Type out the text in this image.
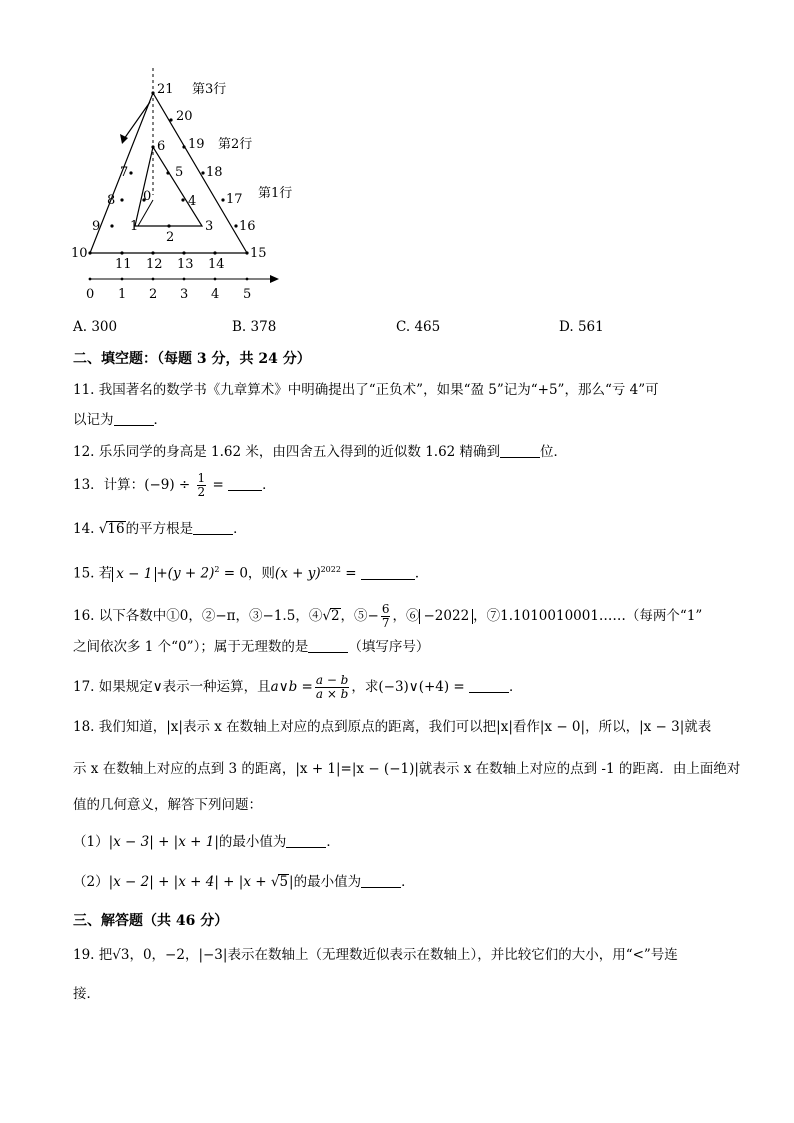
21
20
6 19
7	5 18
0
8	4 17
9 1	3 16
2
10	15
11 12 13 14
0 1 2 3 4 5
第3行
第2行
第1行
A. 300	B. 378	C. 465	D. 561
二、填空题：（每题 3 分，共 24 分）
11. 我国著名的数学书《九章算术》中明确提出了“正负术”，如果“盈 5”记为“+5”，那么“亏 4”可
以记为	．
12. 乐乐同学的身高是 1.62 米，由四舍五入得到的近似数 1.62 精确到	位．
13．计算：$(-9) \div \frac{1}{2}$ =	．
14. √16的平方根是	．
15. 若 $x - 1 +(y + 2)^2 = 0$，则$(x + y)^{2022}$ =	．
16. 以下各数中①0，②−π，③−1.5，④√2，⑤− $\frac{6}{7}$ ，⑥ −2022 ，⑦1.1010010001……（每两个“1”
之间依次多 1 个“0”）；属于无理数的是	（填写序号）
17. 如果规定∨表示一种运算，且a∨b = $\frac{a - b}{a \times b}$ ，求(−3)∨(+4) =	．
18. 我们知道，|x|表示 x 在数轴上对应的点到原点的距离，我们可以把|x|看作|x − 0|，所以，|x − 3|就表
示 x 在数轴上对应的点到 3 的距离，|x + 1|=|x − (−1)|就表示 x 在数轴上对应的点到 -1 的距离．由上面绝对
值的几何意义，解答下列问题：
（1）|x − 3| + |x + 1|的最小值为	．
（2）|x − 2| + |x + 4| + |x + √5|的最小值为	．
三、解答题（共 46 分）
19. 把√3，0，−2，|−3|表示在数轴上（无理数近似表示在数轴上），并比较它们的大小，用“<”号连
接．
